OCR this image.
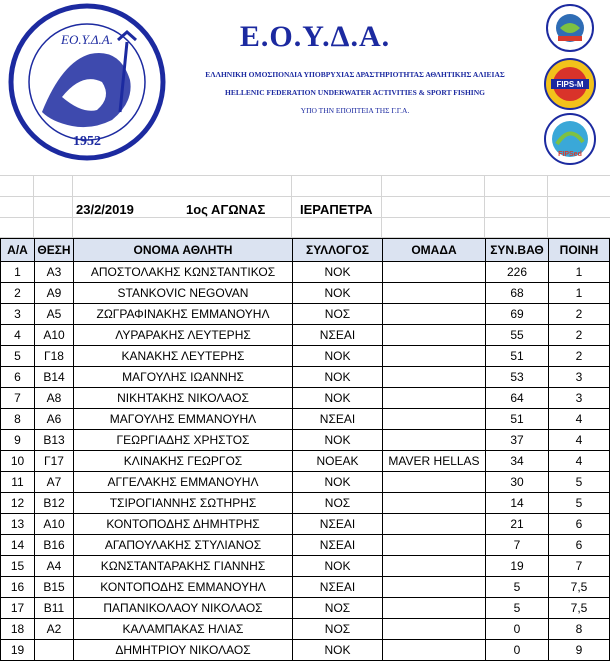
ΕΟ.Υ.Δ.Α.
1952
Ε.Ο.Υ.Δ.Α.
ΕΛΛΗΝΙΚΗ ΟΜΟΣΠΟΝΔΙΑ ΥΠΟΒΡΥΧΙΑΣ ΔΡΑΣΤΗΡΙΟΤΗΤΑΣ ΑΘΛΗΤΙΚΗΣ ΑΛΙΕΙΑΣ
HELLENIC FEDERATION UNDERWATER ACTIVITIES & SPORT FISHING
ΥΠΟ ΤΗΝ ΕΠΟΠΤΕΙΑ ΤΗΣ Γ.Γ.Α.
FIPS-M
FIPSed
23/2/2019	1ος ΑΓΩΝΑΣ	ΙΕΡΑΠΕΤΡΑ
Α/Α	ΘΕΣΗ	ΟΝΟΜΑ ΑΘΛΗΤΗ	ΣΥΛΛΟΓΟΣ	ΟΜΑΔΑ	ΣΥΝ.ΒΑΘ	ΠΟΙΝΗ
1	Α3	ΑΠΟΣΤΟΛΑΚΗΣ ΚΩΝΣΤΑΝΤΙΚΟΣ	ΝΟΚ		226	1
2	Α9	STANKOVIC NEGOVAN	ΝΟΚ		68	1
3	Α5	ΖΩΓΡΑΦΙΝΑΚΗΣ ΕΜΜΑΝΟΥΗΛ	ΝΟΣ		69	2
4	Α10	ΛΥΡΑΡΑΚΗΣ ΛΕΥΤΕΡΗΣ	ΝΣΕΑΙ		55	2
5	Γ18	ΚΑΝΑΚΗΣ ΛΕΥΤΕΡΗΣ	ΝΟΚ		51	2
6	Β14	ΜΑΓΟΥΛΗΣ ΙΩΑΝΝΗΣ	ΝΟΚ		53	3
7	Α8	ΝΙΚΗΤΑΚΗΣ ΝΙΚΟΛΑΟΣ	ΝΟΚ		64	3
8	Α6	ΜΑΓΟΥΛΗΣ ΕΜΜΑΝΟΥΗΛ	ΝΣΕΑΙ		51	4
9	Β13	ΓΕΩΡΓΙΑΔΗΣ ΧΡΗΣΤΟΣ	ΝΟΚ		37	4
10	Γ17	ΚΛΙΝΑΚΗΣ ΓΕΩΡΓΟΣ	ΝΟΕΑΚ	MAVER HELLAS	34	4
11	Α7	ΑΓΓΕΛΑΚΗΣ ΕΜΜΑΝΟΥΗΛ	ΝΟΚ		30	5
12	Β12	ΤΣΙΡΟΓΙΑΝΝΗΣ ΣΩΤΗΡΗΣ	ΝΟΣ		14	5
13	Α10	ΚΟΝΤΟΠΟΔΗΣ ΔΗΜΗΤΡΗΣ	ΝΣΕΑΙ		21	6
14	Β16	ΑΓΑΠΟΥΛΑΚΗΣ ΣΤΥΛΙΑΝΟΣ	ΝΣΕΑΙ		7	6
15	Α4	ΚΩΝΣΤΑΝΤΑΡΑΚΗΣ ΓΙΑΝΝΗΣ	ΝΟΚ		19	7
16	Β15	ΚΟΝΤΟΠΟΔΗΣ ΕΜΜΑΝΟΥΗΛ	ΝΣΕΑΙ		5	7,5
17	Β11	ΠΑΠΑΝΙΚΟΛΑΟΥ ΝΙΚΟΛΑΟΣ	ΝΟΣ		5	7,5
18	Α2	ΚΑΛΑΜΠΑΚΑΣ ΗΛΙΑΣ	ΝΟΣ		0	8
19		ΔΗΜΗΤΡΙΟΥ ΝΙΚΟΛΑΟΣ	ΝΟΚ		0	9
